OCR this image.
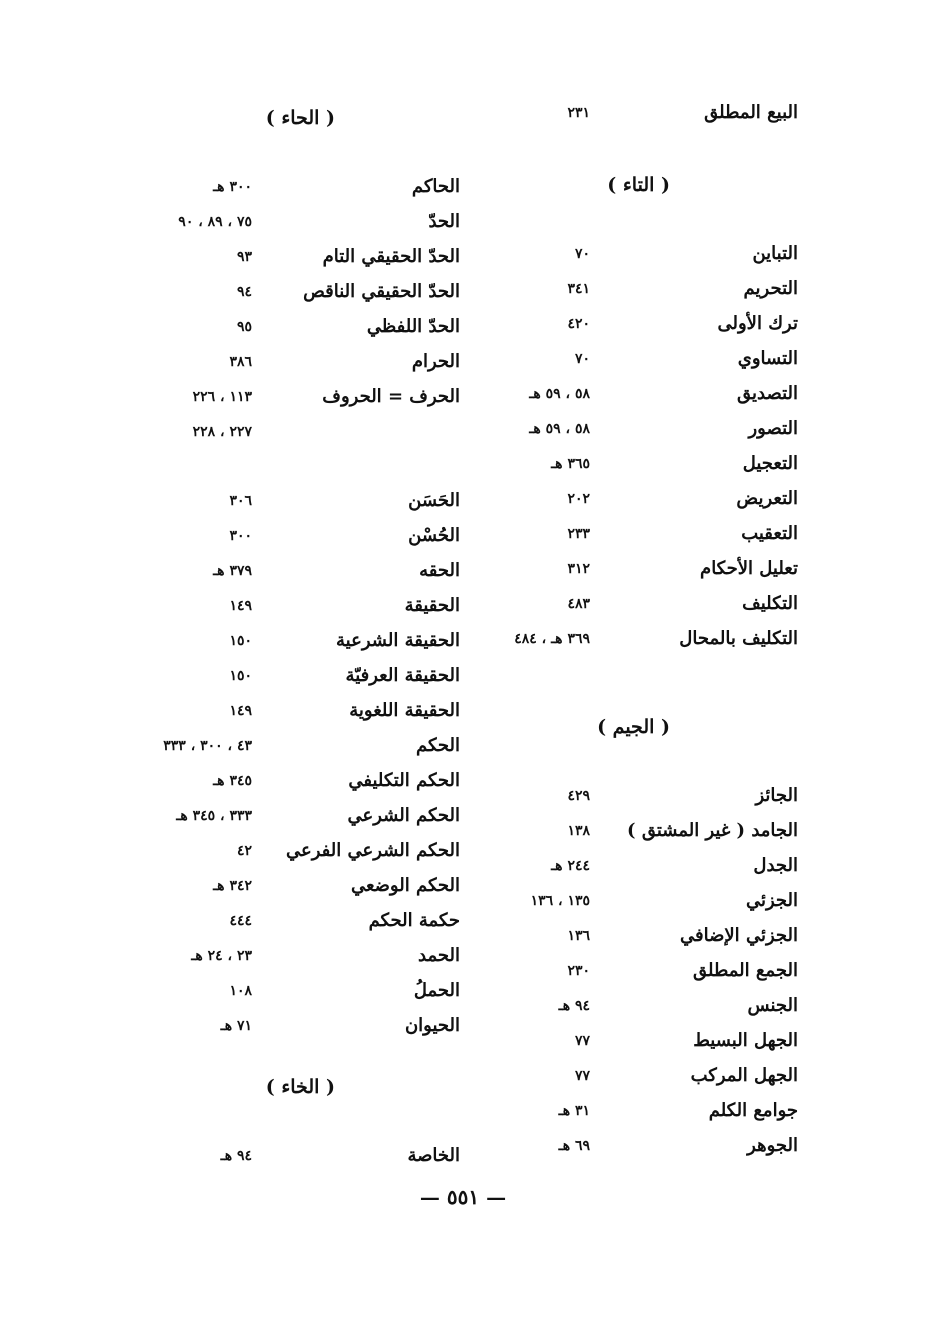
البيع المطلق
٢٣١
( التاء )
التباين
٧٠
التحريم
٣٤١
ترك الأولى
٤٢٠
التساوي
٧٠
التصديق
٥٨ ، ٥٩ هـ
التصور
٥٨ ، ٥٩ هـ
التعجيل
٣٦٥ هـ
التعريض
٢٠٢
التعقيب
٢٣٣
تعليل الأحكام
٣١٢
التكليف
٤٨٣
التكليف بالمحال
٣٦٩ هـ ، ٤٨٤
( الجيم )
الجائز
٤٢٩
الجامد ( غير المشتق )
١٣٨
الجدل
٢٤٤ هـ
الجزئي
١٣٥ ، ١٣٦
الجزئي الإضافي
١٣٦
الجمع المطلق
٢٣٠
الجنس
٩٤ هـ
الجهل البسيط
٧٧
الجهل المركب
٧٧
جوامع الكلم
٣١ هـ
الجوهر
٦٩ هـ
( الحاء )
الحاكم
٣٠٠ هـ
الحدّ
٧٥ ، ٨٩ ، ٩٠
الحدّ الحقيقي التام
٩٣
الحدّ الحقيقي الناقص
٩٤
الحدّ اللفظي
٩٥
الحرام
٣٨٦
الحرف = الحروف
١١٣ ، ٢٢٦
٢٢٧ ، ٢٢٨
الحَسَن
٣٠٦
الحُسْن
٣٠٠
الحقه
٣٧٩ هـ
الحقيقة
١٤٩
الحقيقة الشرعية
١٥٠
الحقيقة العرفيّة
١٥٠
الحقيقة اللغوية
١٤٩
الحكم
٤٣ ، ٣٠٠ ، ٣٣٣
الحكم التكليفي
٣٤٥ هـ
الحكم الشرعي
٣٣٣ ، ٣٤٥ هـ
الحكم الشرعي الفرعي
٤٢
الحكم الوضعي
٣٤٢ هـ
حكمة الحكم
٤٤٤
الحمد
٢٣ ، ٢٤ هـ
الحملُ
١٠٨
الحيوان
٧١ هـ
( الخاء )
الخاصة
٩٤ هـ
— ٥٥١ —
